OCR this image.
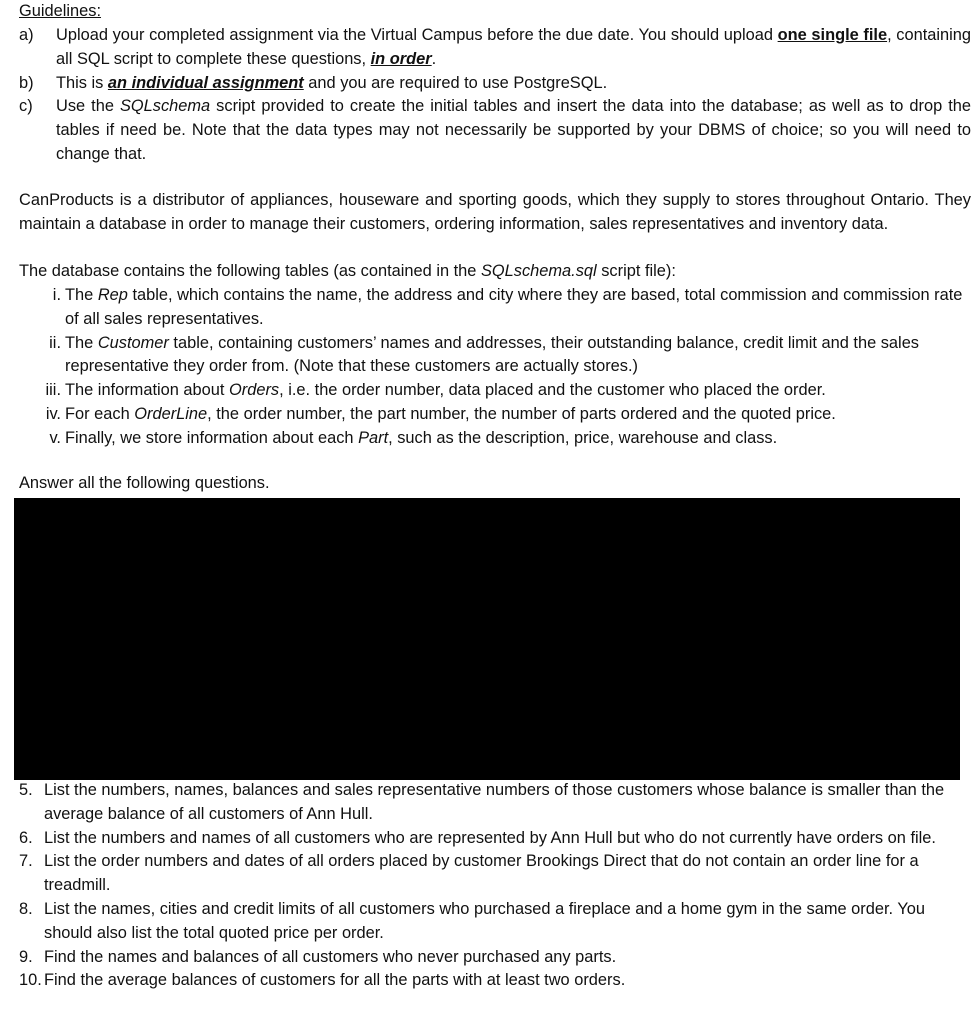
Guidelines:
a)	Upload your completed assignment via the Virtual Campus before the due date. You should upload one single file, containing all SQL script to complete these questions, in order.
b)	This is an individual assignment and you are required to use PostgreSQL.
c)	Use the SQLschema script provided to create the initial tables and insert the data into the database; as well as to drop the tables if need be. Note that the data types may not necessarily be supported by your DBMS of choice; so you will need to change that.
CanProducts is a distributor of appliances, houseware and sporting goods, which they supply to stores throughout Ontario. They maintain a database in order to manage their customers, ordering information, sales representatives and inventory data.
The database contains the following tables (as contained in the SQLschema.sql script file):
i. The Rep table, which contains the name, the address and city where they are based, total commission and commission rate of all sales representatives.
ii. The Customer table, containing customers’ names and addresses, their outstanding balance, credit limit and the sales representative they order from. (Note that these customers are actually stores.)
iii. The information about Orders, i.e. the order number, data placed and the customer who placed the order.
iv. For each OrderLine, the order number, the part number, the number of parts ordered and the quoted price.
v. Finally, we store information about each Part, such as the description, price, warehouse and class.
Answer all the following questions.
5. List the numbers, names, balances and sales representative numbers of those customers whose balance is smaller than the average balance of all customers of Ann Hull.
6. List the numbers and names of all customers who are represented by Ann Hull but who do not currently have orders on file.
7. List the order numbers and dates of all orders placed by customer Brookings Direct that do not contain an order line for a treadmill.
8. List the names, cities and credit limits of all customers who purchased a fireplace and a home gym in the same order. You should also list the total quoted price per order.
9. Find the names and balances of all customers who never purchased any parts.
10. Find the average balances of customers for all the parts with at least two orders.
